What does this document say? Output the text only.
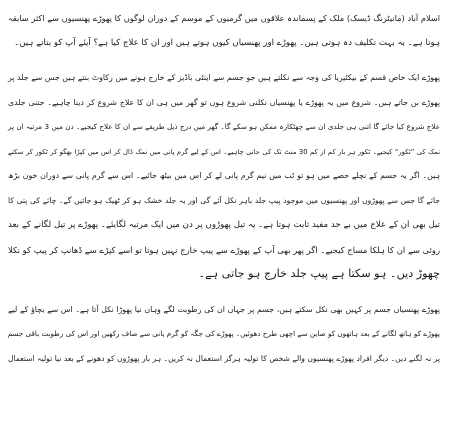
اسلام آباد (مانیٹرنگ ڈیسک) ملک کے پسماندہ علاقوں میں گرمیوں کے موسم کے دوران لوگوں کا پھوڑے پھنسیوں سے اکثر سابقہ
ہوتا ہے۔ یہ بہت تکلیف دہ ہوتی ہیں۔ پھوڑے اور پھنسیاں کیوں ہوتے ہیں اور ان کا علاج کیا ہے؟ آیئے آپ کو بتاتے ہیں۔
پھوڑے ایک خاص قسم کے بیکٹیریا کی وجہ سے نکلتے ہیں جو جسم سے اینٹی باڈیز کے خارج ہونے میں رکاوٹ بنتے ہیں جس سے جلد پر
پھوڑے بن جاتے ہیں۔ شروع میں یہ پھوڑے یا پھنسیاں نکلنی شروع ہوں تو گھر میں ہی ان کا علاج شروع کر دینا چاہیے۔ جتنی جلدی
علاج شروع کیا جائے گا اتنی ہی جلدی ان سے چھٹکارہ ممکن ہو سکے گا۔ گھر میں درج ذیل طریقے سے ان کا علاج کیجیے۔ دن میں 3 مرتبہ ان پر
نمک کی ”ٹکور“ کیجیے۔ ٹکور ہر بار کم از کم 30 منٹ تک کی جانی چاہیے۔ اس کے لیے گرم پانی میں نمک ڈال کر اس میں کپڑا بھگو کر ٹکور کر سکتے
ہیں۔ اگر یہ جسم کے نچلے حصے میں ہو تو ٹب میں نیم گرم پانی لے کر اس میں بیٹھ جائیے۔ اس سے گرم پانی سے دوران خون بڑھ
جائے گا جس سے پھوڑوں اور پھنسیوں میں موجود پیپ جلد باہر نکل آئے گی اور یہ جلد خشک ہو کر ٹھیک ہو جائیں گے۔ چائے کی پتی کا
تیل بھی ان کے علاج میں بے حد مفید ثابت ہوتا ہے۔ یہ تیل پھوڑوں پر دن میں ایک مرتبہ لگایئے۔ پھوڑے پر تیل لگانے کے بعد
روئی سے ان کا ہلکا مساج کیجیے۔ اگر پھر بھی آپ کے پھوڑے سے پیپ خارج نہیں ہوتا تو اسے کپڑے سے ڈھانپ کر پیپ کو نکلا
چھوڑ دیں۔ ہو سکتا ہے پیپ جلد خارج ہو جاتی ہے۔
پھوڑے پھنسیاں جسم پر کہیں بھی نکل سکتے ہیں، جسم پر جہاں ان کی رطوبت لگے وہاں نیا پھوڑا نکل آتا ہے۔ اس سے بچاؤ کے لیے
پھوڑے کو ہاتھ لگانے کے بعد ہاتھوں کو صابن سے اچھی طرح دھوئیں۔ پھوڑے کی جگہ کو گرم پانی سے صاف رکھیں اور اس کی رطوبت باقی جسم
پر نہ لگنے دیں۔ دیگر افراد پھوڑے پھنسیوں والے شخص کا تولیہ ہرگز استعمال نہ کریں۔ ہر بار پھوڑوں کو دھونے کے بعد نیا تولیہ استعمال
